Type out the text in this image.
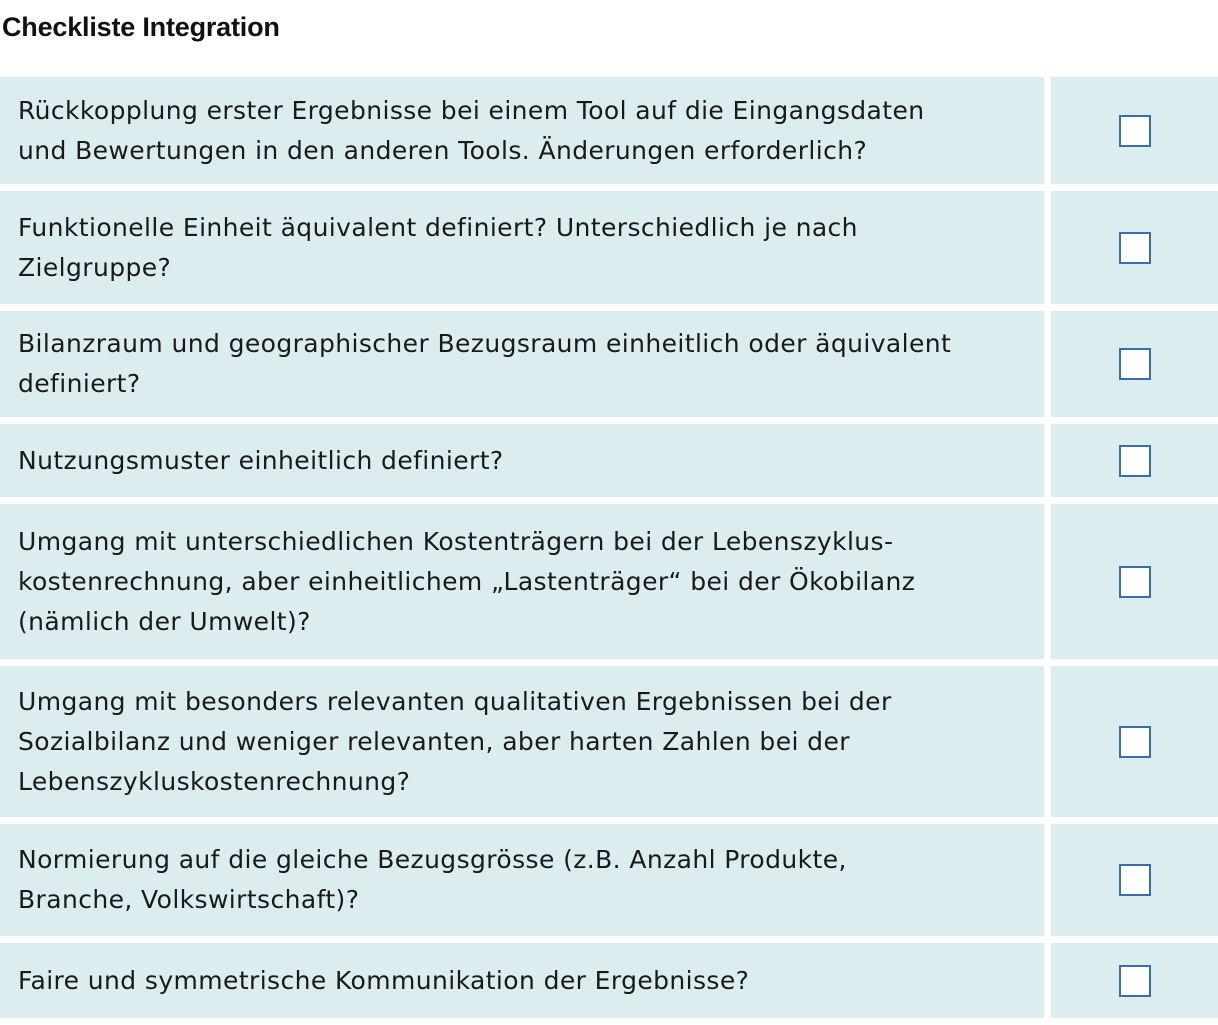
Checkliste Integration
Rückkopplung erster Ergebnisse bei einem Tool auf die Eingangsdaten
und Bewertungen in den anderen Tools. Änderungen erforderlich?
Funktionelle Einheit äquivalent definiert? Unterschiedlich je nach
Zielgruppe?
Bilanzraum und geographischer Bezugsraum einheitlich oder äquivalent
definiert?
Nutzungsmuster einheitlich definiert?
Umgang mit unterschiedlichen Kostenträgern bei der Lebenszyklus-
kostenrechnung, aber einheitlichem „Lastenträger“ bei der Ökobilanz
(nämlich der Umwelt)?
Umgang mit besonders relevanten qualitativen Ergebnissen bei der
Sozialbilanz und weniger relevanten, aber harten Zahlen bei der
Lebenszykluskostenrechnung?
Normierung auf die gleiche Bezugsgrösse (z.B. Anzahl Produkte,
Branche, Volkswirtschaft)?
Faire und symmetrische Kommunikation der Ergebnisse?
